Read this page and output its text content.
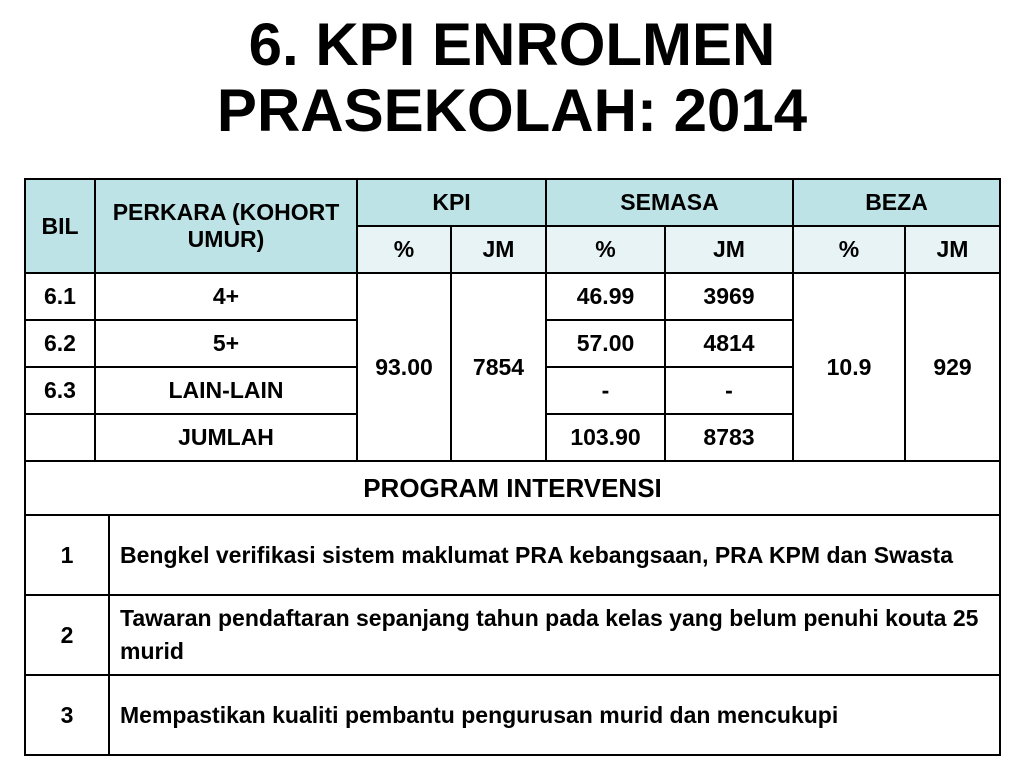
6. KPI ENROLMEN
PRASEKOLAH: 2014
BIL	PERKARA (KOHORT UMUR)		KPI		SEMASA		BEZA	
			%	JM	%	JM	%	JM
6.1	4+		93.00	7854	46.99	3969	10.9	929
6.2	5+				57.00	4814		
6.3	LAIN-LAIN				-	-		
	JUMLAH				103.90	8783		
PROGRAM INTERVENSI								
1		Bengkel verifikasi sistem maklumat PRA kebangsaan, PRA KPM dan Swasta						
2		Tawaran pendaftaran sepanjang tahun pada kelas yang belum penuhi kouta 25 murid						
3		Mempastikan kualiti pembantu pengurusan murid dan mencukupi						
